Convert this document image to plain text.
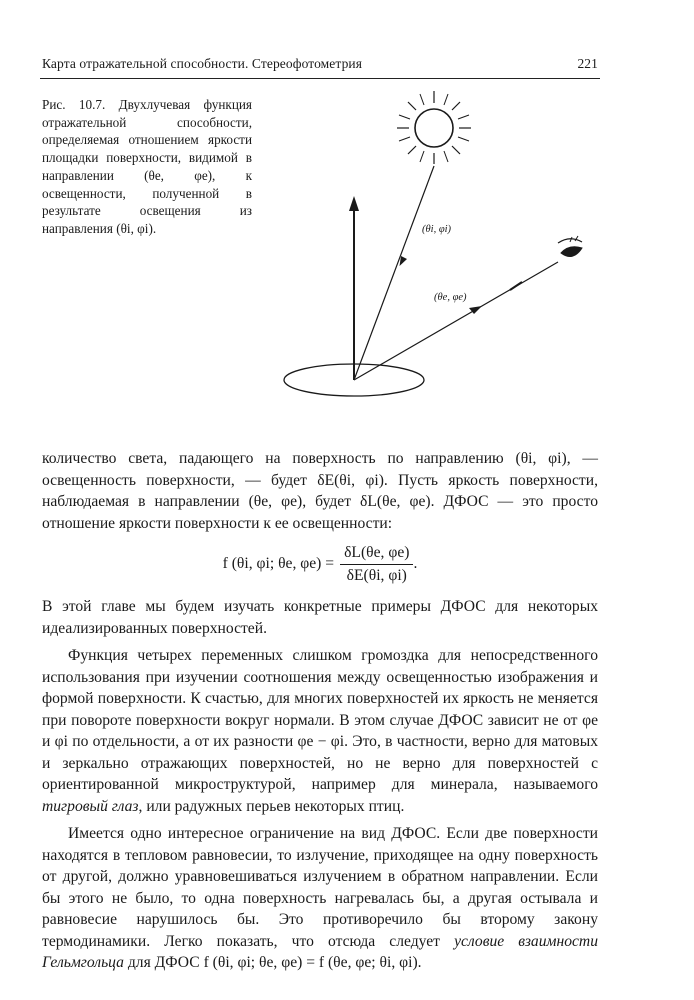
Карта отражательной способности. Стереофотометрия	221
Рис. 10.7. Двухлучевая функция отражательной способности, определяемая отношением яркости площадки поверхности, видимой в направлении (θe, φe), к освещенности, полученной в результате освещения из направления (θi, φi).	(θi, φi)
(θe, φe)

количество света, падающего на поверхность по направлению (θi, φi), — освещенность поверхности, — будет δE(θi, φi). Пусть яркость поверхности, наблюдаемая в направлении (θe, φe), будет δL(θe, φe). ДФОС — это просто отношение яркости поверхности к ее освещенности:

f (θi, φi; θe, $\varphi e) = \frac{\delta L(\theta e, \varphi e)}{\delta E(\theta i, \varphi i)}$ .

В этой главе мы будем изучать конкретные примеры ДФОС для некоторых идеализированных поверхностей.

Функция четырех переменных слишком громоздка для непосредственного использования при изучении соотношения между освещенностью изображения и формой поверхности. К счастью, для многих поверхностей их яркость не меняется при повороте поверхности вокруг нормали. В этом случае ДФОС зависит не от φe и φi по отдельности, а от их разности φe − φi. Это, в частности, верно для матовых и зеркально отражающих поверхностей, но не верно для поверхностей с ориентированной микроструктурой, например для минерала, называемого тигровый глаз, или радужных перьев некоторых птиц.

Имеется одно интересное ограничение на вид ДФОС. Если две поверхности находятся в тепловом равновесии, то излучение, приходящее на одну поверхность от другой, должно уравновешиваться излучением в обратном направлении. Если бы этого не было, то одна поверхность нагревалась бы, а другая остывала и равновесие нарушилось бы. Это противоречило бы второму закону термодинамики. Легко показать, что отсюда следует условие взаимности Гельмгольца для ДФОС f (θi, φi; θe, φe) = f (θe, φe; θi, φi).
